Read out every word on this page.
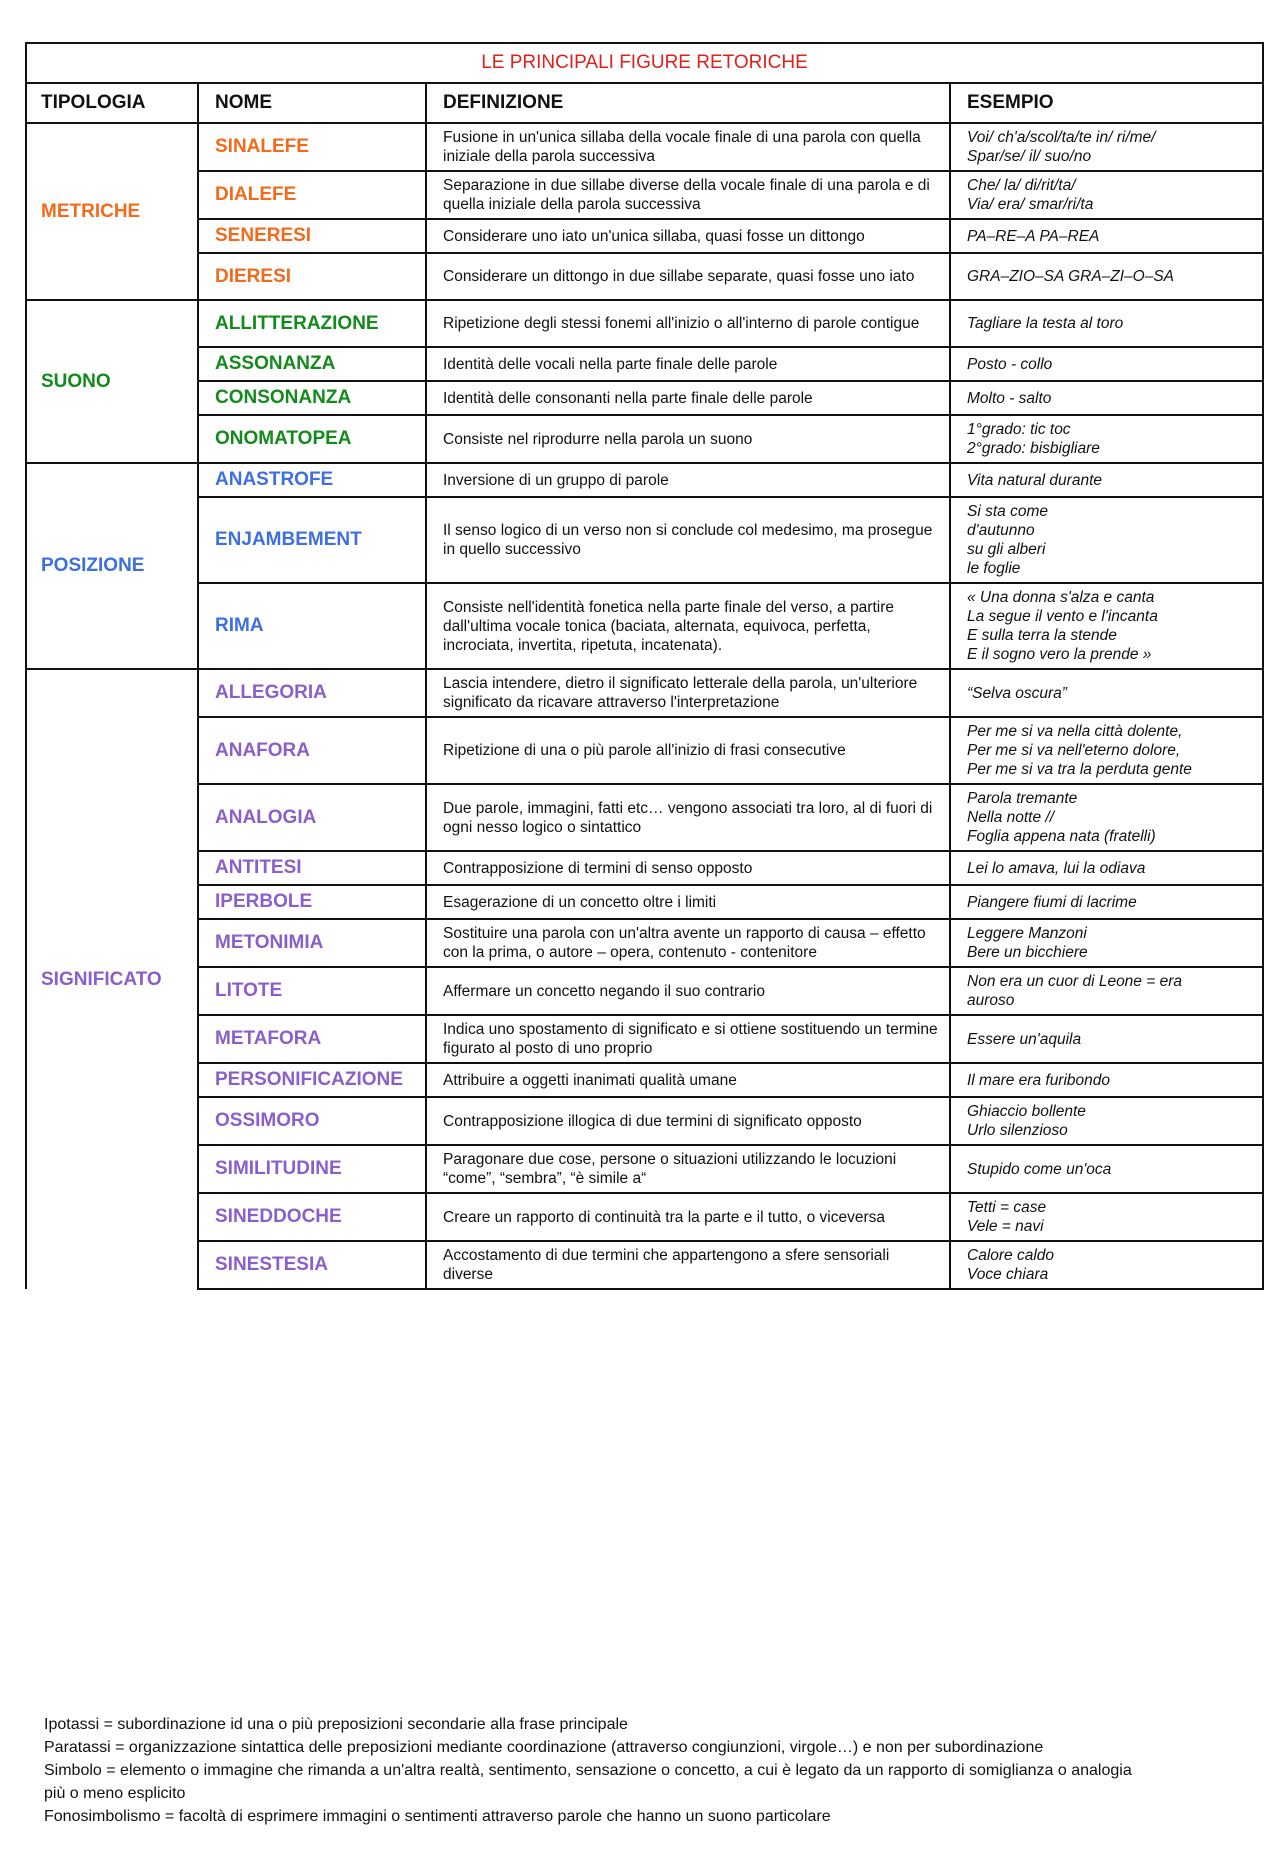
LE PRINCIPALI FIGURE RETORICHE			
TIPOLOGIA	NOME	DEFINIZIONE	ESEMPIO
METRICHE	SINALEFE	Fusione in un'unica sillaba della vocale finale di una parola con quella iniziale della parola successiva	Voi/ ch'a/scol/ta/te in/ ri/me/
Spar/se/ il/ suo/no

	DIALEFE	Separazione in due sillabe diverse della vocale finale di una parola e di quella iniziale della parola successiva	Che/ la/ di/rit/ta/
Via/ era/ smar/ri/ta

	SENERESI	Considerare uno iato un'unica sillaba, quasi fosse un dittongo	PA–RE–A PA–REA

	DIERESI	Considerare un dittongo in due sillabe separate, quasi fosse uno iato	GRA–ZIO–SA GRA–ZI–O–SA

SUONO	ALLITTERAZIONE	Ripetizione degli stessi fonemi all'inizio o all'interno di parole contigue	Tagliare la testa al toro

	ASSONANZA	Identità delle vocali nella parte finale delle parole	Posto - collo

	CONSONANZA	Identità delle consonanti nella parte finale delle parole	Molto - salto

	ONOMATOPEA	Consiste nel riprodurre nella parola un suono	1°grado: tic toc
2°grado: bisbigliare

POSIZIONE	ANASTROFE	Inversione di un gruppo di parole	Vita natural durante

	ENJAMBEMENT	Il senso logico di un verso non si conclude col medesimo, ma prosegue in quello successivo	Si sta come
d'autunno
su gli alberi
le foglie

	RIMA	Consiste nell'identità fonetica nella parte finale del verso, a partire dall'ultima vocale tonica (baciata, alternata, equivoca, perfetta, incrociata, invertita, ripetuta, incatenata).	« Una donna s'alza e canta
La segue il vento e l'incanta
E sulla terra la stende
E il sogno vero la prende »

SIGNIFICATO	ALLEGORIA	Lascia intendere, dietro il significato letterale della parola, un'ulteriore significato da ricavare attraverso l'interpretazione	“Selva oscura”

	ANAFORA	Ripetizione di una o più parole all'inizio di frasi consecutive	Per me si va nella città dolente,
Per me si va nell'eterno dolore,
Per me si va tra la perduta gente

	ANALOGIA	Due parole, immagini, fatti etc… vengono associati tra loro, al di fuori di ogni nesso logico o sintattico	Parola tremante
Nella notte //
Foglia appena nata (fratelli)

	ANTITESI	Contrapposizione di termini di senso opposto	Lei lo amava, lui la odiava

	IPERBOLE	Esagerazione di un concetto oltre i limiti	Piangere fiumi di lacrime

	METONIMIA	Sostituire una parola con un'altra avente un rapporto di causa – effetto con la prima, o autore – opera, contenuto - contenitore	Leggere Manzoni
Bere un bicchiere

	LITOTE	Affermare un concetto negando il suo contrario	Non era un cuor di Leone = era
auroso

	METAFORA	Indica uno spostamento di significato e si ottiene sostituendo un termine figurato al posto di uno proprio	Essere un'aquila

	PERSONIFICAZIONE	Attribuire a oggetti inanimati qualità umane	Il mare era furibondo

	OSSIMORO	Contrapposizione illogica di due termini di significato opposto	Ghiaccio bollente
Urlo silenzioso

	SIMILITUDINE	Paragonare due cose, persone o situazioni utilizzando le locuzioni “come”, “sembra”, “è simile a“	Stupido come un'oca

	SINEDDOCHE	Creare un rapporto di continuità tra la parte e il tutto, o viceversa	Tetti = case
Vele = navi

	SINESTESIA	Accostamento di due termini che appartengono a sfere sensoriali diverse	Calore caldo
Voce chiara
Ipotassi = subordinazione id una o più preposizioni secondarie alla frase principale
Paratassi = organizzazione sintattica delle preposizioni mediante coordinazione (attraverso congiunzioni, virgole…) e non per subordinazione
Simbolo = elemento o immagine che rimanda a un'altra realtà, sentimento, sensazione o concetto, a cui è legato da un rapporto di somiglianza o analogia
più o meno esplicito
Fonosimbolismo = facoltà di esprimere immagini o sentimenti attraverso parole che hanno un suono particolare
